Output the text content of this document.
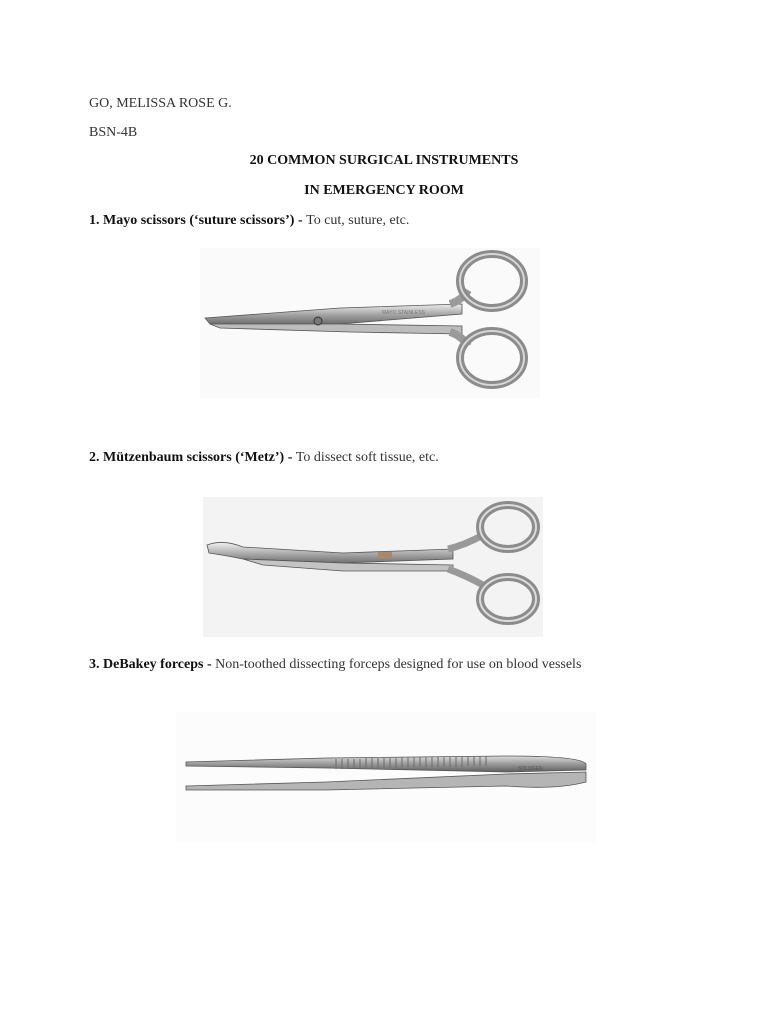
GO, MELISSA ROSE G.
BSN-4B
20 COMMON SURGICAL INSTRUMENTS
IN EMERGENCY ROOM
1. Mayo scissors (‘suture scissors’) - To cut, suture, etc.
MAYO STAINLESS
2. Mützenbaum scissors (‘Metz’) - To dissect soft tissue, etc.
3. DeBakey forceps - Non-toothed dissecting forceps designed for use on blood vessels
SOLOGEN
